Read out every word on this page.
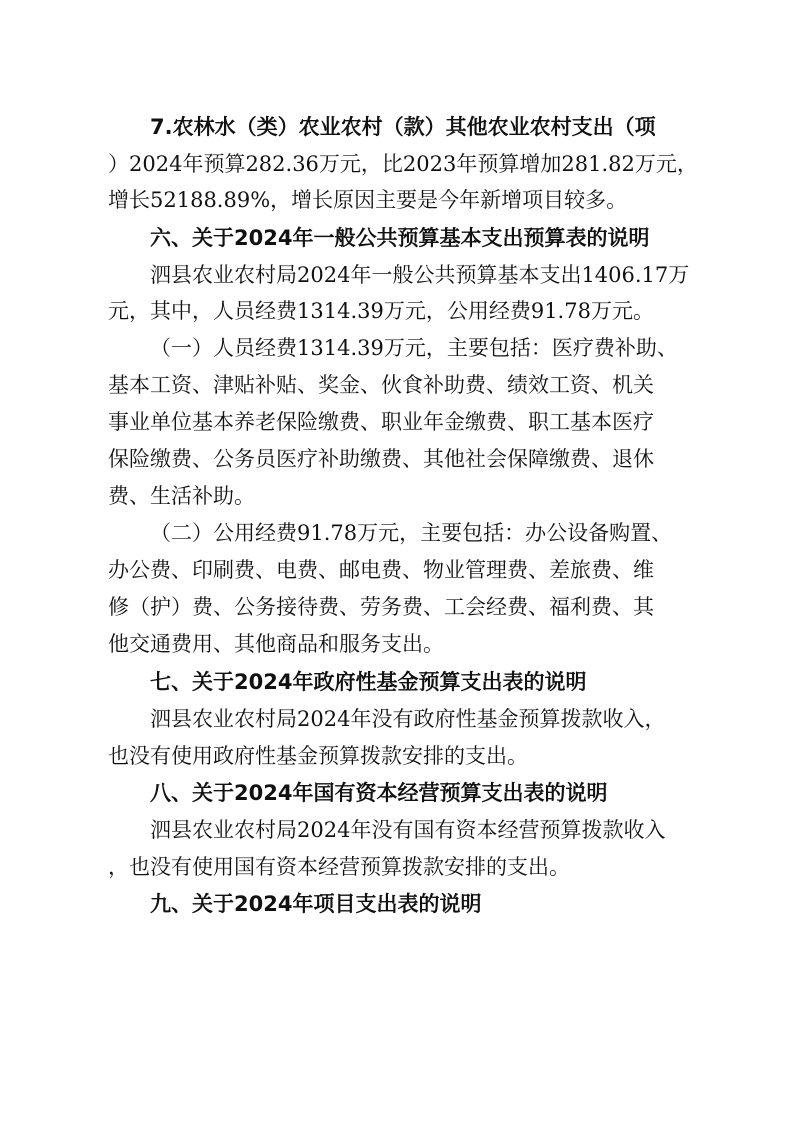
7.农林水（类）农业农村（款）其他农业农村支出（项
）2024年预算282.36万元，比2023年预算增加281.82万元，
增长52188.89%，增长原因主要是今年新增项目较多。
六、关于2024年一般公共预算基本支出预算表的说明
泗县农业农村局2024年一般公共预算基本支出1406.17万
元，其中，人员经费1314.39万元，公用经费91.78万元。
（一）人员经费1314.39万元，主要包括：医疗费补助、
基本工资、津贴补贴、奖金、伙食补助费、绩效工资、机关
事业单位基本养老保险缴费、职业年金缴费、职工基本医疗
保险缴费、公务员医疗补助缴费、其他社会保障缴费、退休
费、生活补助。
（二）公用经费91.78万元，主要包括：办公设备购置、
办公费、印刷费、电费、邮电费、物业管理费、差旅费、维
修（护）费、公务接待费、劳务费、工会经费、福利费、其
他交通费用、其他商品和服务支出。
七、关于2024年政府性基金预算支出表的说明
泗县农业农村局2024年没有政府性基金预算拨款收入，
也没有使用政府性基金预算拨款安排的支出。
八、关于2024年国有资本经营预算支出表的说明
泗县农业农村局2024年没有国有资本经营预算拨款收入
，也没有使用国有资本经营预算拨款安排的支出。
九、关于2024年项目支出表的说明
